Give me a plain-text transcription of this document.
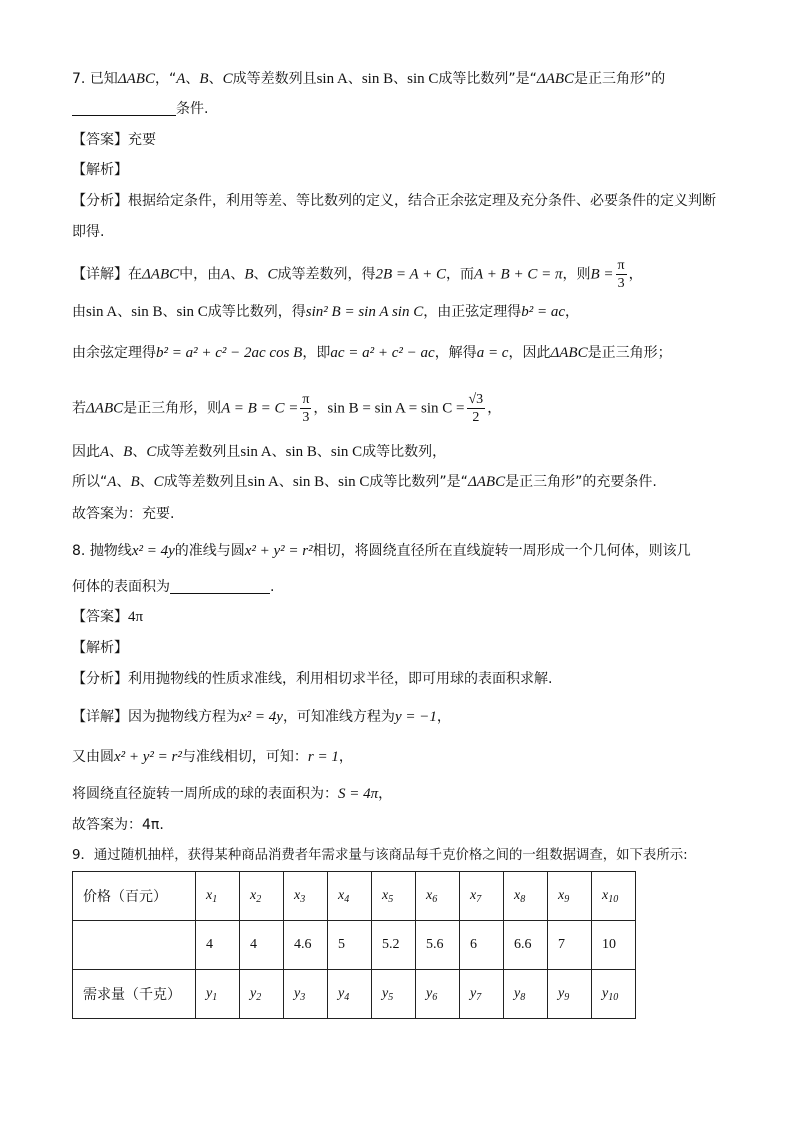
7. 已知ΔABC，“A、B、C成等差数列且sin A、sin B、sin C成等比数列”是“ΔABC是正三角形”的
条件.
【答案】充要
【解析】
【分析】根据给定条件，利用等差、等比数列的定义，结合正余弦定理及充分条件、必要条件的定义判断
即得.
【详解】在ΔABC中，由A、B、C成等差数列，得2B = A + C，而A + B + C = π，则$B = \frac{\pi}{3}$ ，
由sin A、sin B、sin C成等比数列，得sin² B = sin A sin C，由正弦定理得b² = ac，
由余弦定理得b² = a² + c² − 2ac cos B，即ac = a² + c² − ac，解得a = c，因此ΔABC是正三角形；
若ΔABC是正三角形，则$A = B = C = \frac{\pi}{3}$ ，$\sin B = \sin A = \sin C = \frac{√3}{2}$ ，
因此A、B、C成等差数列且sin A、sin B、sin C成等比数列，
所以“A、B、C成等差数列且sin A、sin B、sin C成等比数列”是“ΔABC是正三角形”的充要条件.
故答案为：充要.
8. 抛物线x² = 4y的准线与圆x² + y² = r²相切，将圆绕直径所在直线旋转一周形成一个几何体，则该几
何体的表面积为	.
【答案】4π
【解析】
【分析】利用抛物线的性质求准线，利用相切求半径，即可用球的表面积求解.
【详解】因为抛物线方程为x² = 4y，可知准线方程为y = −1，
又由圆x² + y² = r²与准线相切，可知：r = 1，
将圆绕直径旋转一周所成的球的表面积为：S = 4π，
故答案为：4π.
9．通过随机抽样，获得某种商品消费者年需求量与该商品每千克价格之间的一组数据调查，如下表所示:
价格（百元）	$x_1$	$x_2$	$x_3$	$x_4$	$x_5$	$x_6$	$x_7$	$x_8$	$x_9$	$x_{10}$
	4	4	4.6	5	5.2	5.6	6	6.6	7	10
需求量（千克）	$y_1$	$y_2$	$y_3$	$y_4$	$y_5$	$y_6$	$y_7$	$y_8$	$y_9$	$y_{10}$
